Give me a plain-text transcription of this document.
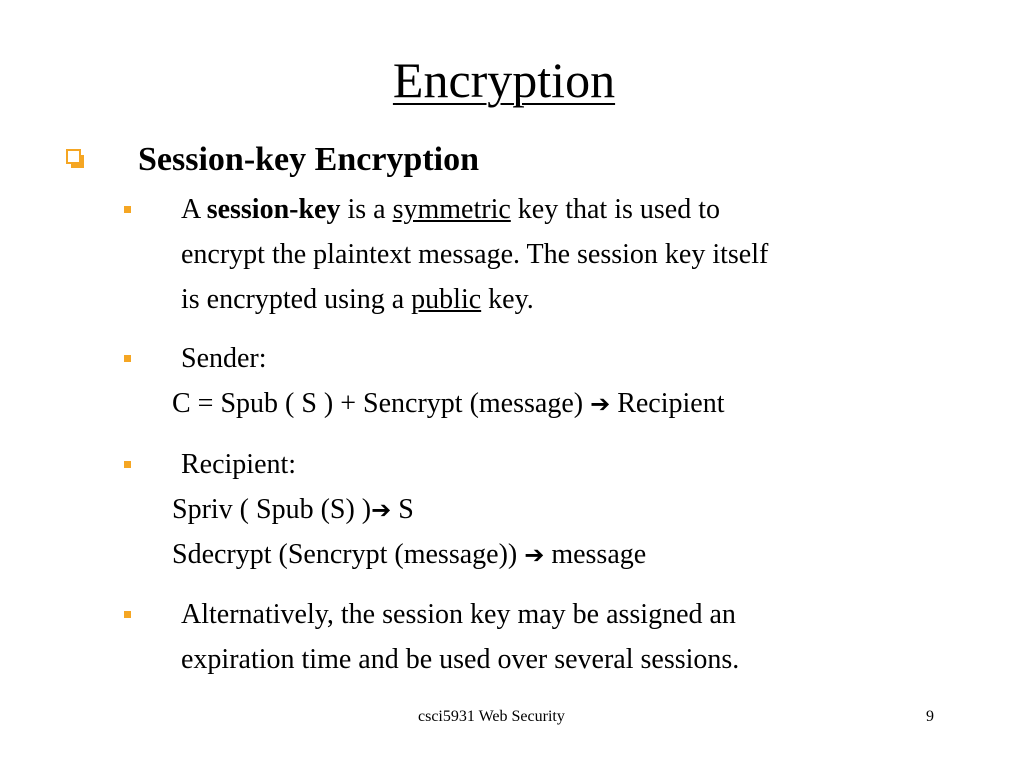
Encryption
Session-key Encryption
A session-key is a symmetric key that is used to
encrypt the plaintext message. The session key itself
is encrypted using a public key.
Sender:
C = Spub ( S ) + Sencrypt (message) ➔ Recipient
Recipient:
Spriv ( Spub (S) )➔ S
Sdecrypt (Sencrypt (message)) ➔ message
Alternatively, the session key may be assigned an
expiration time and be used over several sessions.
csci5931 Web Security	9
